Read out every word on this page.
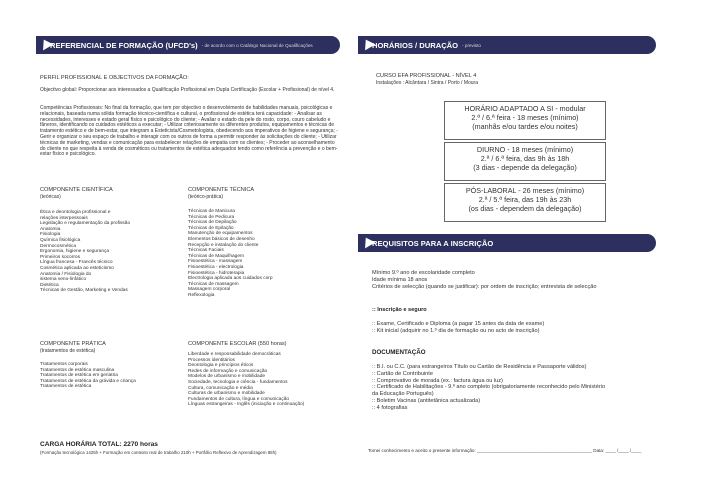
REFERENCIAL DE FORMAÇÃO (UFCD's) - de acordo com o Catálogo Nacional de Qualificações
PERFIL PROFISSIONAL E OBJECTIVOS DA FORMAÇÃO:
Objectivo global: Proporcionar aos interessados a Qualificação Profissional em Dupla Certificação (Escolar + Profissional) de nível 4.
Competências Profissionais: No final da formação, que tem por objectivo o desenvolvimento de habilidades manuais, psicológicas e relacionais, baseada numa sólida formação técnico-científica e cultural, o profissional de estética terá capacidade: - Analisar as necessidades, interesses e estado geral físico e psicológico do cliente; - Avaliar o estado da pele do rosto, corpo, couro cabeludo e fâneros, identificando os cuidados estéticos a executar; - Utilizar criteriosamente os diferentes produtos, equipamentos e técnicas de tratamento estético e de bem-estar, que integram a Esteticista/Cosmetologista, obedecendo aos imperativos de higiene e segurança; - Gerir e organizar o seu espaço de trabalho e interagir com os outros de forma a permitir responder às solicitações do cliente; - Utilizar técnicas de marketing, vendas e comunicação para estabelecer relações de empatia com os clientes; - Proceder ao aconselhamento do cliente no que respeita à venda de cosméticos ou tratamentos de estética adequados tendo como referência a prevenção e o bem-estar físico e psicológico.
COMPONENTE CIENTÍFICA
(teóricas)
Ética e deontologia profissional e
relações interpessoais
Legislação e regulamentação da profissão
Anatomia
Fisiologia
Química fisiológica
Dermocosmética
Ergonomia, higiene e segurança
Primeiros socorros
Língua francesa - Francês técnico
Cosmética aplicada ao esteticismo
Anatomia / Fisiologia do
sistema veno-linfático
Dietética
Técnicas de Gestão, Marketing e Vendas
COMPONENTE TÉCNICA
(teórico-prática)
Técnicas de Manicura
Técnicas de Pedicura
Técnicas de Depilação
Técnicas de Epilação
Manutenção de equipamentos
Elementos básicos de desenho
Recepção e instalação do cliente
Técnicas Faciais
Técnicas de Maquilhagem
Fisioestética - massagem
Fisioestética - electrologia
Fisioestética - hidroterapia
Electrologia aplicada aos cuidados corp
Técnicas de massagem
Massagem corporal
Reflexologia
COMPONENTE PRÁTICA
(tratamentos de estética)
Tratamentos corporais
Tratamentos de estética masculina
Tratamentos de estética em geriatria
Tratamentos de estética da grávida e criança
Tratamentos de estética
COMPONENTE ESCOLAR (550 horas)
Liberdade e responsabilidade democráticas
Processos identitários
Deontologia e princípios éticos
Redes de informação e comunicação
Modelos de urbanismo e mobilidade
Sociedade, tecnologia e ciência - fundamentos
Cultura, comunicação e média
Culturas de urbanismo e mobilidade
Fundamentos de cultura, língua e comunicação
Línguas estrangeiras - Inglês (iniciação e continuação)
CARGA HORÁRIA TOTAL: 2270 horas
(Formação tecnológica 1425h + Formação em contexto real de trabalho 210h + Portfólio Reflexivo de Aprendizagem 85h)
HORÁRIOS / DURAÇÃO - previsto
CURSO EFA PROFISSIONAL - NÍVEL 4
Instalações : Alcântara / Sintra / Porto / Moura
HORÁRIO ADAPTADO A SI - modular
2.ª / 6.ª feira - 18 meses (mínimo)
(manhãs e/ou tardes e/ou noites)
DIURNO - 18 meses (mínimo)
2.ª / 6.ª feira, das 9h às 18h
(3 dias - depende da delegação)
PÓS-LABORAL - 26 meses (mínimo)
2.ª / 5.ª feira, das 19h às 23h
(os dias - dependem da delegação)
REQUISITOS PARA A INSCRIÇÃO
Mínimo 9.º ano de escolaridade completo
Idade mínima 18 anos
Critérios de selecção (quando se justificar): por ordem de inscrição; entrevista de selecção
:: Inscrição e seguro
:: Exame, Certificado e Diploma (a pagar 15 antes da data de exame)
:: Kit inicial (adquirir no 1.º dia de formação ou no acto de inscrição)
DOCUMENTAÇÃO
:: B.I. ou C.C. (para estrangeiros Título ou Cartão de Residência e Passaporte válidos)
:: Cartão de Contribuinte
:: Comprovativo de morada (ex.: factura água ou luz)
:: Certificado de Habilitações - 9.º ano completo (obrigatoriamente reconhecido pelo Ministério
da Educação Português)
:: Boletim Vacinas (antitetânica actualizada)
:: 4 fotografias
Tomei conhecimento e aceito o presente informação: _____________________________________________ Data: ____ /____ /____
